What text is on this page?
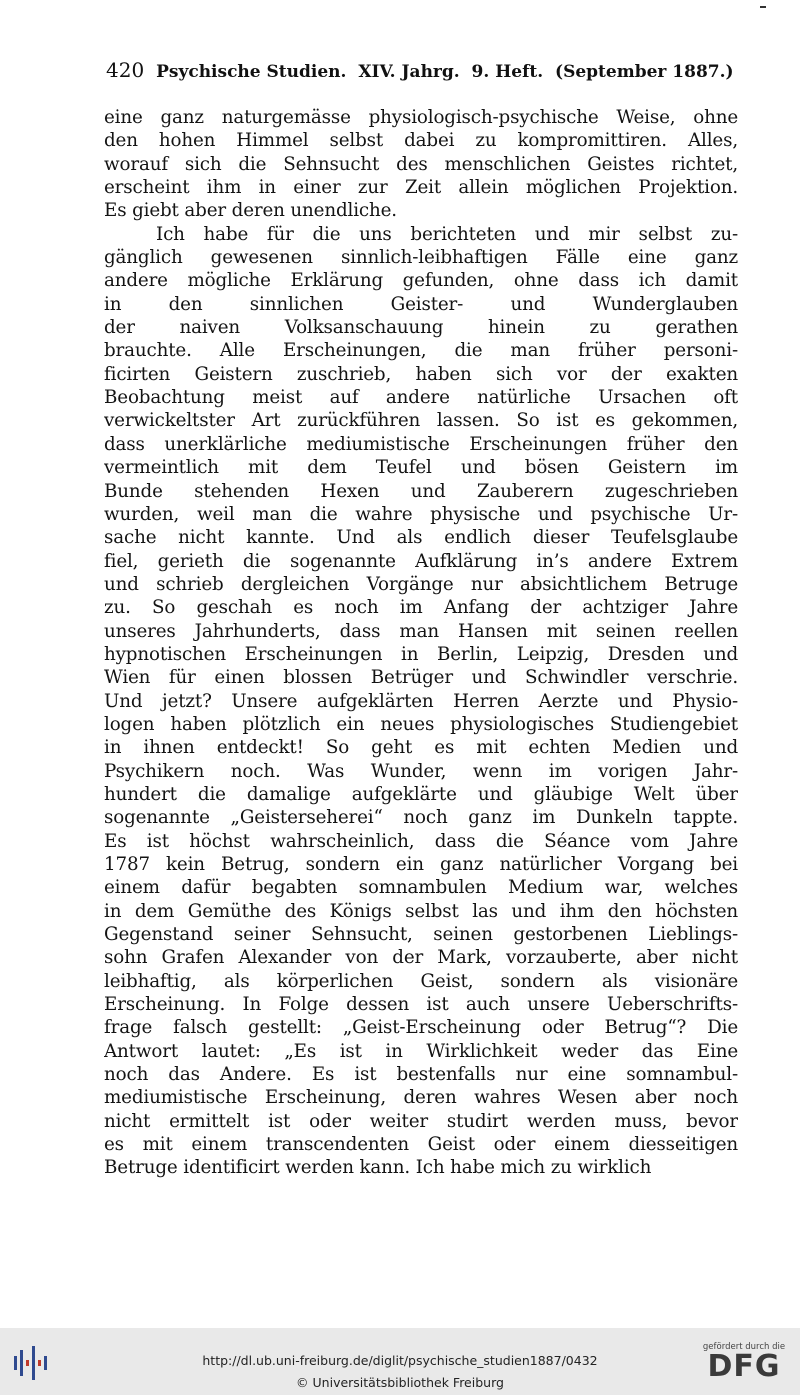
420 Psychische Studien. XIV. Jahrg. 9. Heft. (September 1887.)
eine ganz naturgemässe physiologisch-psychische Weise, ohne
den hohen Himmel selbst dabei zu kompromittiren. Alles,
worauf sich die Sehnsucht des menschlichen Geistes richtet,
erscheint ihm in einer zur Zeit allein möglichen Projektion.
Es giebt aber deren unendliche.
Ich habe für die uns berichteten und mir selbst zu-
gänglich gewesenen sinnlich-leibhaftigen Fälle eine ganz
andere mögliche Erklärung gefunden, ohne dass ich damit
in den sinnlichen Geister- und Wunderglauben
der naiven Volksanschauung hinein zu gerathen
brauchte. Alle Erscheinungen, die man früher personi-
ficirten Geistern zuschrieb, haben sich vor der exakten
Beobachtung meist auf andere natürliche Ursachen oft
verwickeltster Art zurückführen lassen. So ist es gekommen,
dass unerklärliche mediumistische Erscheinungen früher den
vermeintlich mit dem Teufel und bösen Geistern im
Bunde stehenden Hexen und Zauberern zugeschrieben
wurden, weil man die wahre physische und psychische Ur-
sache nicht kannte. Und als endlich dieser Teufelsglaube
fiel, gerieth die sogenannte Aufklärung in’s andere Extrem
und schrieb dergleichen Vorgänge nur absichtlichem Betruge
zu. So geschah es noch im Anfang der achtziger Jahre
unseres Jahrhunderts, dass man Hansen mit seinen reellen
hypnotischen Erscheinungen in Berlin, Leipzig, Dresden und
Wien für einen blossen Betrüger und Schwindler verschrie.
Und jetzt? Unsere aufgeklärten Herren Aerzte und Physio-
logen haben plötzlich ein neues physiologisches Studiengebiet
in ihnen entdeckt! So geht es mit echten Medien und
Psychikern noch. Was Wunder, wenn im vorigen Jahr-
hundert die damalige aufgeklärte und gläubige Welt über
sogenannte „Geisterseherei“ noch ganz im Dunkeln tappte.
Es ist höchst wahrscheinlich, dass die Séance vom Jahre
1787 kein Betrug, sondern ein ganz natürlicher Vorgang bei
einem dafür begabten somnambulen Medium war, welches
in dem Gemüthe des Königs selbst las und ihm den höchsten
Gegenstand seiner Sehnsucht, seinen gestorbenen Lieblings-
sohn Grafen Alexander von der Mark, vorzauberte, aber nicht
leibhaftig, als körperlichen Geist, sondern als visionäre
Erscheinung. In Folge dessen ist auch unsere Ueberschrifts-
frage falsch gestellt: „Geist-Erscheinung oder Betrug“? Die
Antwort lautet: „Es ist in Wirklichkeit weder das Eine
noch das Andere. Es ist bestenfalls nur eine somnambul-
mediumistische Erscheinung, deren wahres Wesen aber noch
nicht ermittelt ist oder weiter studirt werden muss, bevor
es mit einem transcendenten Geist oder einem diesseitigen
Betruge identificirt werden kann. Ich habe mich zu wirklich
http://dl.ub.uni-freiburg.de/diglit/psychische_studien1887/0432
© Universitätsbibliothek Freiburg
gefördert durch die
DFG
